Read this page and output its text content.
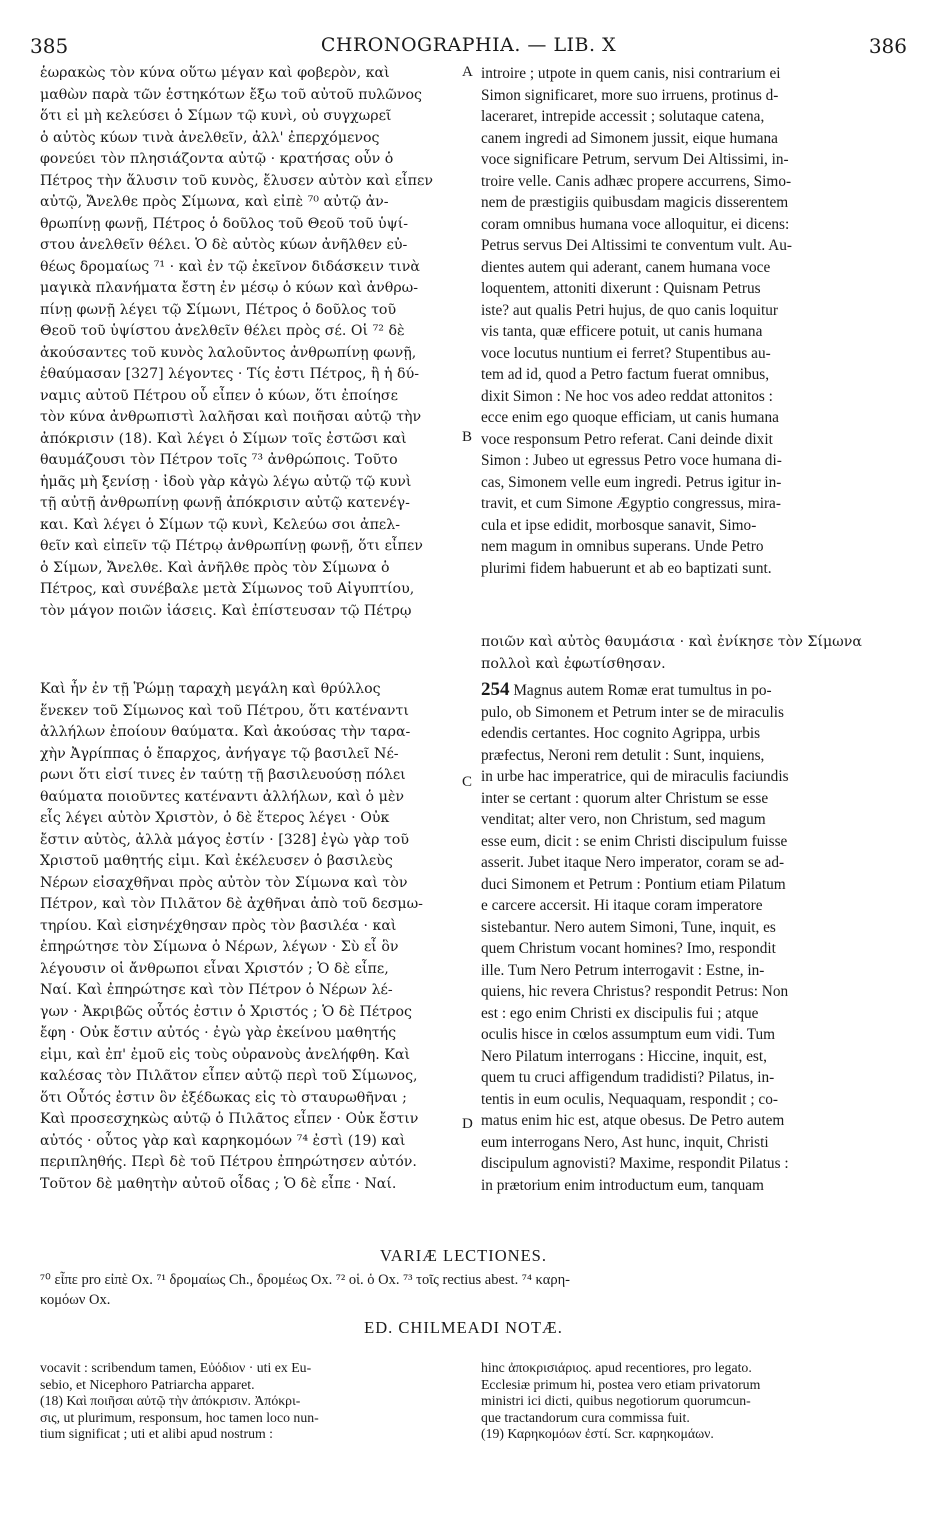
385	CHRONOGRAPHIA. — LIB. X	386
ἑωρακὼς τὸν κύνα οὕτω μέγαν καὶ φοβερὸν, καὶ
μαθὼν παρὰ τῶν ἑστηκότων ἔξω τοῦ αὐτοῦ πυλῶνος
ὅτι εἰ μὴ κελεύσει ὁ Σίμων τῷ κυνὶ, οὐ συγχωρεῖ
ὁ αὐτὸς κύων τινὰ ἀνελθεῖν, ἀλλ' ἐπερχόμενος
φονεύει τὸν πλησιάζοντα αὐτῷ · κρατήσας οὖν ὁ
Πέτρος τὴν ἅλυσιν τοῦ κυνὸς, ἔλυσεν αὐτὸν καὶ εἶπεν
αὐτῷ, Ἄνελθε πρὸς Σίμωνα, καὶ εἰπὲ ⁷⁰ αὐτῷ ἀν-
θρωπίνῃ φωνῇ, Πέτρος ὁ δοῦλος τοῦ Θεοῦ τοῦ ὑψί-
στου ἀνελθεῖν θέλει. Ὁ δὲ αὐτὸς κύων ἀνῆλθεν εὐ-
θέως δρομαίως ⁷¹ · καὶ ἐν τῷ ἐκεῖνον διδάσκειν τινὰ
μαγικὰ πλανήματα ἔστη ἐν μέσῳ ὁ κύων καὶ ἀνθρω-
πίνῃ φωνῇ λέγει τῷ Σίμωνι, Πέτρος ὁ δοῦλος τοῦ
Θεοῦ τοῦ ὑψίστου ἀνελθεῖν θέλει πρὸς σέ. Οἱ ⁷² δὲ
ἀκούσαντες τοῦ κυνὸς λαλοῦντος ἀνθρωπίνῃ φωνῇ,
ἐθαύμασαν [327] λέγοντες · Τίς ἐστι Πέτρος, ἢ ἡ δύ-
ναμις αὐτοῦ Πέτρου οὗ εἶπεν ὁ κύων, ὅτι ἐποίησε
τὸν κύνα ἀνθρωπιστὶ λαλῆσαι καὶ ποιῆσαι αὐτῷ τὴν
ἀπόκρισιν (18). Καὶ λέγει ὁ Σίμων τοῖς ἐστῶσι καὶ
θαυμάζουσι τὸν Πέτρον τοῖς ⁷³ ἀνθρώποις. Τοῦτο
ἡμᾶς μὴ ξενίσῃ · ἰδοὺ γὰρ κἀγὼ λέγω αὐτῷ τῷ κυνὶ
τῇ αὐτῇ ἀνθρωπίνῃ φωνῇ ἀπόκρισιν αὐτῷ κατενέγ-
και. Καὶ λέγει ὁ Σίμων τῷ κυνὶ, Κελεύω σοι ἀπελ-
θεῖν καὶ εἰπεῖν τῷ Πέτρῳ ἀνθρωπίνῃ φωνῇ, ὅτι εἶπεν
ὁ Σίμων, Ἄνελθε. Καὶ ἀνῆλθε πρὸς τὸν Σίμωνα ὁ
Πέτρος, καὶ συνέβαλε μετὰ Σίμωνος τοῦ Αἰγυπτίου,
τὸν μάγον ποιῶν ἰάσεις. Καὶ ἐπίστευσαν τῷ Πέτρῳ
introire ; utpote in quem canis, nisi contrarium ei
Simon significaret, more suo irruens, protinus d-
laceraret, intrepide accessit ; solutaque catena,
canem ingredi ad Simonem jussit, eique humana
voce significare Petrum, servum Dei Altissimi, in-
troire velle. Canis adhæc propere accurrens, Simo-
nem de præstigiis quibusdam magicis disserentem
coram omnibus humana voce alloquitur, ei dicens:
Petrus servus Dei Altissimi te conventum vult. Au-
dientes autem qui aderant, canem humana voce
loquentem, attoniti dixerunt : Quisnam Petrus
iste? aut qualis Petri hujus, de quo canis loquitur
vis tanta, quæ efficere potuit, ut canis humana
voce locutus nuntium ei ferret? Stupentibus au-
tem ad id, quod a Petro factum fuerat omnibus,
dixit Simon : Ne hoc vos adeo reddat attonitos :
ecce enim ego quoque efficiam, ut canis humana
voce responsum Petro referat. Cani deinde dixit
Simon : Jubeo ut egressus Petro voce humana di-
cas, Simonem velle eum ingredi. Petrus igitur in-
travit, et cum Simone Ægyptio congressus, mira-
cula et ipse edidit, morbosque sanavit, Simo-
nem magum in omnibus superans. Unde Petro
plurimi fidem habuerunt et ab eo baptizati sunt.
A
B
C
D
ποιῶν καὶ αὐτὸς θαυμάσια · καὶ ἐνίκησε τὸν Σίμωνα
πολλοὶ καὶ ἐφωτίσθησαν.
Καὶ ἦν ἐν τῇ Ῥώμῃ ταραχὴ μεγάλη καὶ θρύλλος
ἕνεκεν τοῦ Σίμωνος καὶ τοῦ Πέτρου, ὅτι κατέναντι
ἀλλήλων ἐποίουν θαύματα. Καὶ ἀκούσας τὴν ταρα-
χὴν Ἀγρίππας ὁ ἔπαρχος, ἀνήγαγε τῷ βασιλεῖ Νέ-
ρωνι ὅτι εἰσί τινες ἐν ταύτῃ τῇ βασιλευούσῃ πόλει
θαύματα ποιοῦντες κατέναντι ἀλλήλων, καὶ ὁ μὲν
εἷς λέγει αὐτὸν Χριστὸν, ὁ δὲ ἕτερος λέγει · Οὐκ
ἔστιν αὐτὸς, ἀλλὰ μάγος ἐστίν · [328] ἐγὼ γὰρ τοῦ
Χριστοῦ μαθητής εἰμι. Καὶ ἐκέλευσεν ὁ βασιλεὺς
Νέρων εἰσαχθῆναι πρὸς αὐτὸν τὸν Σίμωνα καὶ τὸν
Πέτρον, καὶ τὸν Πιλᾶτον δὲ ἀχθῆναι ἀπὸ τοῦ δεσμω-
τηρίου. Καὶ εἰσηνέχθησαν πρὸς τὸν βασιλέα · καὶ
ἐπηρώτησε τὸν Σίμωνα ὁ Νέρων, λέγων · Σὺ εἶ ὃν
λέγουσιν οἱ ἄνθρωποι εἶναι Χριστόν ; Ὁ δὲ εἶπε,
Ναί. Καὶ ἐπηρώτησε καὶ τὸν Πέτρον ὁ Νέρων λέ-
γων · Ἀκριβῶς οὗτός ἐστιν ὁ Χριστός ; Ὁ δὲ Πέτρος
ἔφη · Οὐκ ἔστιν αὐτός · ἐγὼ γὰρ ἐκείνου μαθητής
εἰμι, καὶ ἐπ' ἐμοῦ εἰς τοὺς οὐρανοὺς ἀνελήφθη. Καὶ
καλέσας τὸν Πιλᾶτον εἶπεν αὐτῷ περὶ τοῦ Σίμωνος,
ὅτι Οὗτός ἐστιν ὃν ἐξέδωκας εἰς τὸ σταυρωθῆναι ;
Καὶ προσεσχηκὼς αὐτῷ ὁ Πιλᾶτος εἶπεν · Οὐκ ἔστιν
αὐτός · οὗτος γὰρ καὶ καρηκομόων ⁷⁴ ἐστὶ (19) καὶ
περιπληθής. Περὶ δὲ τοῦ Πέτρου ἐπηρώτησεν αὐτόν.
Τοῦτον δὲ μαθητὴν αὐτοῦ οἶδας ; Ὁ δὲ εἶπε · Ναί.
254 Magnus autem Romæ erat tumultus in po-
pulo, ob Simonem et Petrum inter se de miraculis
edendis certantes. Hoc cognito Agrippa, urbis
præfectus, Neroni rem detulit : Sunt, inquiens,
in urbe hac imperatrice, qui de miraculis faciundis
inter se certant : quorum alter Christum se esse
venditat; alter vero, non Christum, sed magum
esse eum, dicit : se enim Christi discipulum fuisse
asserit. Jubet itaque Nero imperator, coram se ad-
duci Simonem et Petrum : Pontium etiam Pilatum
e carcere accersit. Hi itaque coram imperatore
sistebantur. Nero autem Simoni, Tune, inquit, es
quem Christum vocant homines? Imo, respondit
ille. Tum Nero Petrum interrogavit : Estne, in-
quiens, hic revera Christus? respondit Petrus: Non
est : ego enim Christi ex discipulis fui ; atque
oculis hisce in cœlos assumptum eum vidi. Tum
Nero Pilatum interrogans : Hiccine, inquit, est,
quem tu cruci affigendum tradidisti? Pilatus, in-
tentis in eum oculis, Nequaquam, respondit ; co-
matus enim hic est, atque obesus. De Petro autem
eum interrogans Nero, Ast hunc, inquit, Christi
discipulum agnovisti? Maxime, respondit Pilatus :
in prætorium enim introductum eum, tanquam
VARIÆ LECTIONES.
⁷⁰ εἶπε pro εἰπὲ Ox. ⁷¹ δρομαίως Ch., δρομέως Ox. ⁷² οἱ. ὁ Ox. ⁷³ τοῖς rectius abest. ⁷⁴ καρη-
κομόων Ox.
ED. CHILMEADI NOTÆ.
vocavit : scribendum tamen, Εὐόδιον · uti ex Eu-
sebio, et Nicephoro Patriarcha apparet.
(18) Καὶ ποιῆσαι αὐτῷ τὴν ἀπόκρισιν. Ἀπόκρι-
σις, ut plurimum, responsum, hoc tamen loco nun-
tium significat ; uti et alibi apud nostrum :
hinc ἀποκρισιάριος. apud recentiores, pro legato.
Ecclesiæ primum hi, postea vero etiam privatorum
ministri ici dicti, quibus negotiorum quorumcun-
que tractandorum cura commissa fuit.
(19) Καρηκομόων ἐστί. Scr. καρηκομάων.
